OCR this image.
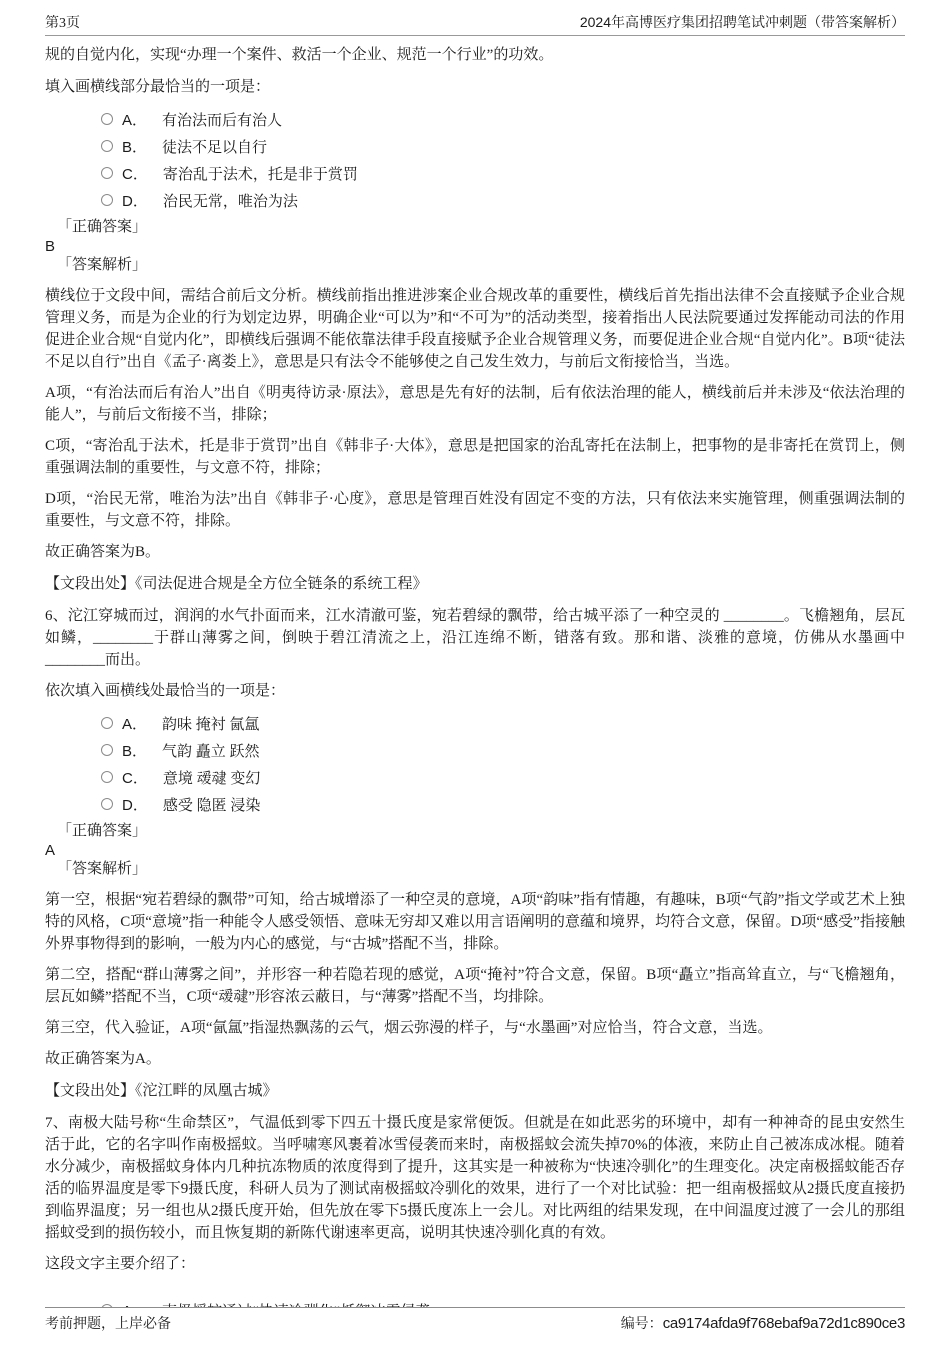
第3页	2024年高博医疗集团招聘笔试冲刺题（带答案解析）

规的自觉内化，实现“办理一个案件、救活一个企业、规范一个行业”的功效。

填入画横线部分最恰当的一项是：

A． 有治法而后有治人
B． 徒法不足以自行
C． 寄治乱于法术，托是非于赏罚
D． 治民无常，唯治为法

「正确答案」

B

「答案解析」

横线位于文段中间，需结合前后文分析。横线前指出推进涉案企业合规改革的重要性，横线后首先指出法律不会直接赋予企业合规管理义务，而是为企业的行为划定边界，明确企业“可以为”和“不可为”的活动类型，接着指出人民法院要通过发挥能动司法的作用促进企业合规“自觉内化”，即横线后强调不能依靠法律手段直接赋予企业合规管理义务，而要促进企业合规“自觉内化”。B项“徒法不足以自行”出自《孟子·离娄上》，意思是只有法令不能够使之自己发生效力，与前后文衔接恰当，当选。

A项，“有治法而后有治人”出自《明夷待访录·原法》，意思是先有好的法制，后有依法治理的能人，横线前后并未涉及“依法治理的能人”，与前后文衔接不当，排除；

C项，“寄治乱于法术，托是非于赏罚”出自《韩非子·大体》，意思是把国家的治乱寄托在法制上，把事物的是非寄托在赏罚上，侧重强调法制的重要性，与文意不符，排除；

D项，“治民无常，唯治为法”出自《韩非子·心度》，意思是管理百姓没有固定不变的方法，只有依法来实施管理，侧重强调法制的重要性，与文意不符，排除。

故正确答案为B。

【文段出处】《司法促进合规是全方位全链条的系统工程》

6、沱江穿城而过，润润的水气扑面而来，江水清澈可鉴，宛若碧绿的飘带，给古城平添了一种空灵的 ________。飞檐翘角，层瓦如鳞，________于群山薄雾之间，倒映于碧江清流之上，沿江连绵不断，错落有致。那和谐、淡雅的意境，仿佛从水墨画中 ________而出。

依次填入画横线处最恰当的一项是：

A． 韵味 掩衬 氤氲
B． 气韵 矗立 跃然
C． 意境 叆叇 变幻
D． 感受 隐匿 浸染

「正确答案」

A

「答案解析」

第一空，根据“宛若碧绿的飘带”可知，给古城增添了一种空灵的意境，A项“韵味”指有情趣，有趣味，B项“气韵”指文学或艺术上独特的风格，C项“意境”指一种能令人感受领悟、意味无穷却又难以用言语阐明的意蕴和境界，均符合文意，保留。D项“感受”指接触外界事物得到的影响，一般为内心的感觉，与“古城”搭配不当，排除。

第二空，搭配“群山薄雾之间”，并形容一种若隐若现的感觉，A项“掩衬”符合文意，保留。B项“矗立”指高耸直立，与“飞檐翘角，层瓦如鳞”搭配不当，C项“叆叇”形容浓云蔽日，与“薄雾”搭配不当，均排除。

第三空，代入验证，A项“氤氲”指湿热飘荡的云气，烟云弥漫的样子，与“水墨画”对应恰当，符合文意，当选。

故正确答案为A。

【文段出处】《沱江畔的凤凰古城》

7、南极大陆号称“生命禁区”，气温低到零下四五十摄氏度是家常便饭。但就是在如此恶劣的环境中，却有一种神奇的昆虫安然生活于此，它的名字叫作南极摇蚊。当呼啸寒风裹着冰雪侵袭而来时，南极摇蚊会流失掉70%的体液，来防止自己被冻成冰棍。随着水分减少，南极摇蚊身体内几种抗冻物质的浓度得到了提升，这其实是一种被称为“快速冷驯化”的生理变化。决定南极摇蚊能否存活的临界温度是零下9摄氏度，科研人员为了测试南极摇蚊冷驯化的效果，进行了一个对比试验：把一组南极摇蚊从2摄氏度直接扔到临界温度；另一组也从2摄氏度开始，但先放在零下5摄氏度冻上一会儿。对比两组的结果发现，在中间温度过渡了一会儿的那组摇蚊受到的损伤较小，而且恢复期的新陈代谢速率更高，说明其快速冷驯化真的有效。

这段文字主要介绍了：

考前押题，上岸必备	编号：ca9174afda9f768ebaf9a72d1c890ce3
